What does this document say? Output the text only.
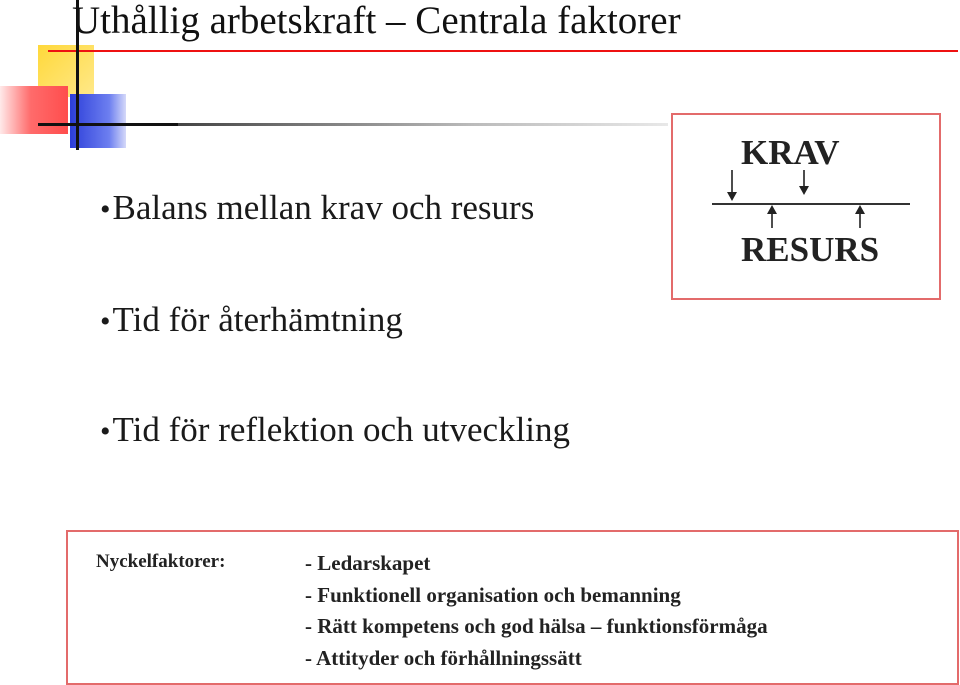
Uthållig arbetskraft – Centrala faktorer
•Balans mellan krav och resurs
•Tid för återhämtning
•Tid för reflektion och utveckling
KRAV
RESURS
Nyckelfaktorer:	- Ledarskapet
- Funktionell organisation och bemanning
- Rätt kompetens och god hälsa – funktionsförmåga
- Attityder och förhållningssätt
